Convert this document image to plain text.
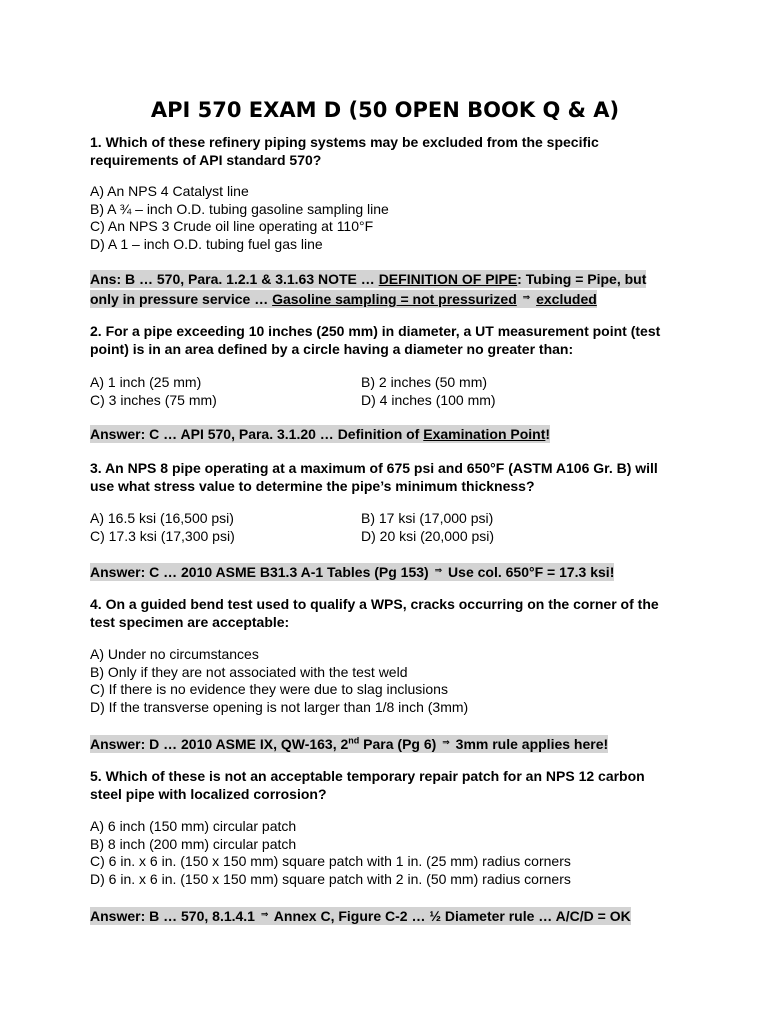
API 570 EXAM D (50 OPEN BOOK Q & A)
1. Which of these refinery piping systems may be excluded from the specific requirements of API standard 570?
A) An NPS 4 Catalyst line
B) A ¾ – inch O.D. tubing gasoline sampling line
C) An NPS 3 Crude oil line operating at 110°F
D) A 1 – inch O.D. tubing fuel gas line
Ans: B … 570, Para. 1.2.1 & 3.1.63 NOTE … DEFINITION OF PIPE: Tubing = Pipe, but only in pressure service … Gasoline sampling = not pressurized ⇒ excluded
2. For a pipe exceeding 10 inches (250 mm) in diameter, a UT measurement point (test point) is in an area defined by a circle having a diameter no greater than:
A) 1 inch (25 mm)	B) 2 inches (50 mm)
C) 3 inches (75 mm)	D) 4 inches (100 mm)
Answer: C … API 570, Para. 3.1.20 … Definition of Examination Point!
3. An NPS 8 pipe operating at a maximum of 675 psi and 650°F (ASTM A106 Gr. B) will use what stress value to determine the pipe’s minimum thickness?
A) 16.5 ksi (16,500 psi)	B) 17 ksi (17,000 psi)
C) 17.3 ksi (17,300 psi)	D) 20 ksi (20,000 psi)
Answer: C … 2010 ASME B31.3 A-1 Tables (Pg 153) ⇒ Use col. 650°F = 17.3 ksi!
4. On a guided bend test used to qualify a WPS, cracks occurring on the corner of the test specimen are acceptable:
A) Under no circumstances
B) Only if they are not associated with the test weld
C) If there is no evidence they were due to slag inclusions
D) If the transverse opening is not larger than 1/8 inch (3mm)
Answer: D … 2010 ASME IX, QW-163, 2nd Para (Pg 6) ⇒ 3mm rule applies here!
5. Which of these is not an acceptable temporary repair patch for an NPS 12 carbon steel pipe with localized corrosion?
A) 6 inch (150 mm) circular patch
B) 8 inch (200 mm) circular patch
C) 6 in. x 6 in. (150 x 150 mm) square patch with 1 in. (25 mm) radius corners
D) 6 in. x 6 in. (150 x 150 mm) square patch with 2 in. (50 mm) radius corners
Answer: B … 570, 8.1.4.1 ⇒ Annex C, Figure C-2 … ½ Diameter rule … A/C/D = OK
